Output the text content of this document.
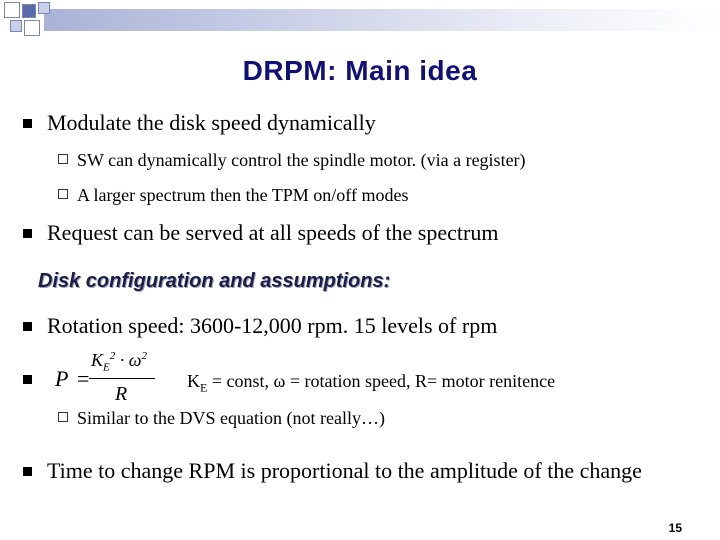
DRPM: Main idea
Modulate the disk speed dynamically
SW can dynamically control the spindle motor. (via a register)
A larger spectrum then the TPM on/off modes
Request can be served at all speeds of the spectrum
Disk configuration and assumptions:
Rotation speed: 3600-12,000 rpm. 15 levels of rpm
P =
$K_E^2 \cdot \omega^2$
R
$K_E$ = const, ω = rotation speed, R= motor renitence
Similar to the DVS equation (not really…)
Time to change RPM is proportional to the amplitude of the change
15
